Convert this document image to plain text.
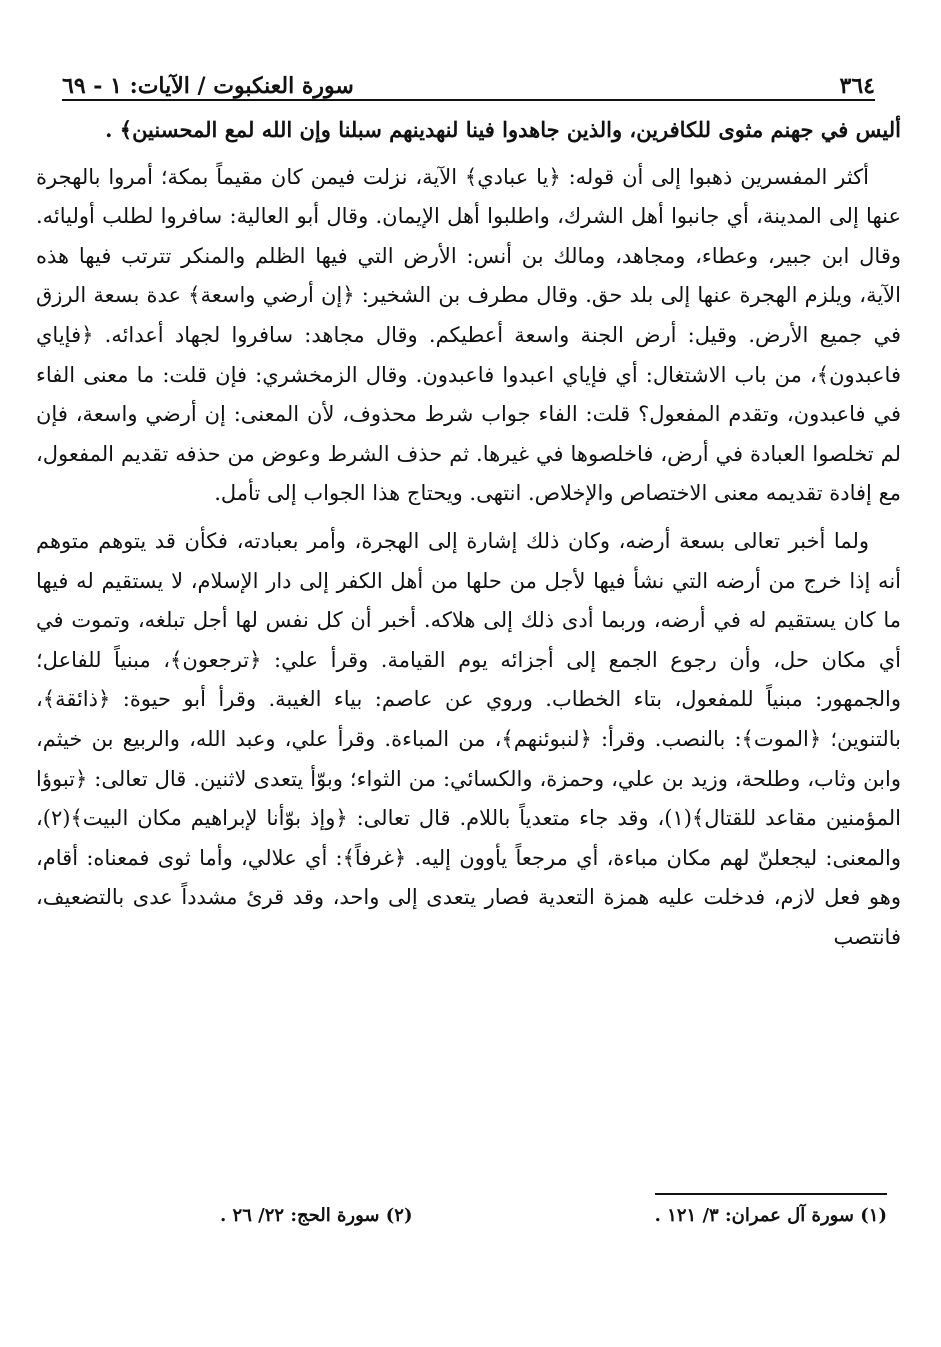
٣٦٤
سورة العنكبوت / الآيات: ١ - ٦٩

أليس في جهنم مثوى للكافرين، والذين جاهدوا فينا لنهدينهم سبلنا وإن الله لمع المحسنين﴾ .

أكثر المفسرين ذهبوا إلى أن قوله: ﴿يا عبادي﴾ الآية، نزلت فيمن كان مقيماً بمكة؛ أمروا بالهجرة عنها إلى المدينة، أي جانبوا أهل الشرك، واطلبوا أهل الإيمان. وقال أبو العالية: سافروا لطلب أوليائه. وقال ابن جبير، وعطاء، ومجاهد، ومالك بن أنس: الأرض التي فيها الظلم والمنكر تترتب فيها هذه الآية، ويلزم الهجرة عنها إلى بلد حق. وقال مطرف بن الشخير: ﴿إن أرضي واسعة﴾ عدة بسعة الرزق في جميع الأرض. وقيل: أرض الجنة واسعة أعطيكم. وقال مجاهد: سافروا لجهاد أعدائه. ﴿فإياي فاعبدون﴾، من باب الاشتغال: أي فإياي اعبدوا فاعبدون. وقال الزمخشري: فإن قلت: ما معنى الفاء في فاعبدون، وتقدم المفعول؟ قلت: الفاء جواب شرط محذوف، لأن المعنى: إن أرضي واسعة، فإن لم تخلصوا العبادة في أرض، فاخلصوها في غيرها. ثم حذف الشرط وعوض من حذفه تقديم المفعول، مع إفادة تقديمه معنى الاختصاص والإخلاص. انتهى. ويحتاج هذا الجواب إلى تأمل.

ولما أخبر تعالى بسعة أرضه، وكان ذلك إشارة إلى الهجرة، وأمر بعبادته، فكأن قد يتوهم متوهم أنه إذا خرج من أرضه التي نشأ فيها لأجل من حلها من أهل الكفر إلى دار الإسلام، لا يستقيم له فيها ما كان يستقيم له في أرضه، وربما أدى ذلك إلى هلاكه. أخبر أن كل نفس لها أجل تبلغه، وتموت في أي مكان حل، وأن رجوع الجمع إلى أجزائه يوم القيامة. وقرأ علي: ﴿ترجعون﴾، مبنياً للفاعل؛ والجمهور: مبنياً للمفعول، بتاء الخطاب. وروي عن عاصم: بياء الغيبة. وقرأ أبو حيوة: ﴿ذائقة﴾، بالتنوين؛ ﴿الموت﴾: بالنصب. وقرأ: ﴿لنبوئنهم﴾، من المباءة. وقرأ علي، وعبد الله، والربيع بن خيثم، وابن وثاب، وطلحة، وزيد بن علي، وحمزة، والكسائي: من الثواء؛ وبوّأ يتعدى لاثنين. قال تعالى: ﴿تبوؤا المؤمنين مقاعد للقتال﴾(١)، وقد جاء متعدياً باللام. قال تعالى: ﴿وإذ بوّأنا لإبراهيم مكان البيت﴾(٢)، والمعنى: ليجعلنّ لهم مكان مباءة، أي مرجعاً يأوون إليه. ﴿غرفاً﴾: أي علالي، وأما ثوى فمعناه: أقام، وهو فعل لازم، فدخلت عليه همزة التعدية فصار يتعدى إلى واحد، وقد قرئ مشدداً عدى بالتضعيف، فانتصب

(١) سورة آل عمران: ٣/ ١٢١ .
(٢) سورة الحج: ٢٢/ ٢٦ .
